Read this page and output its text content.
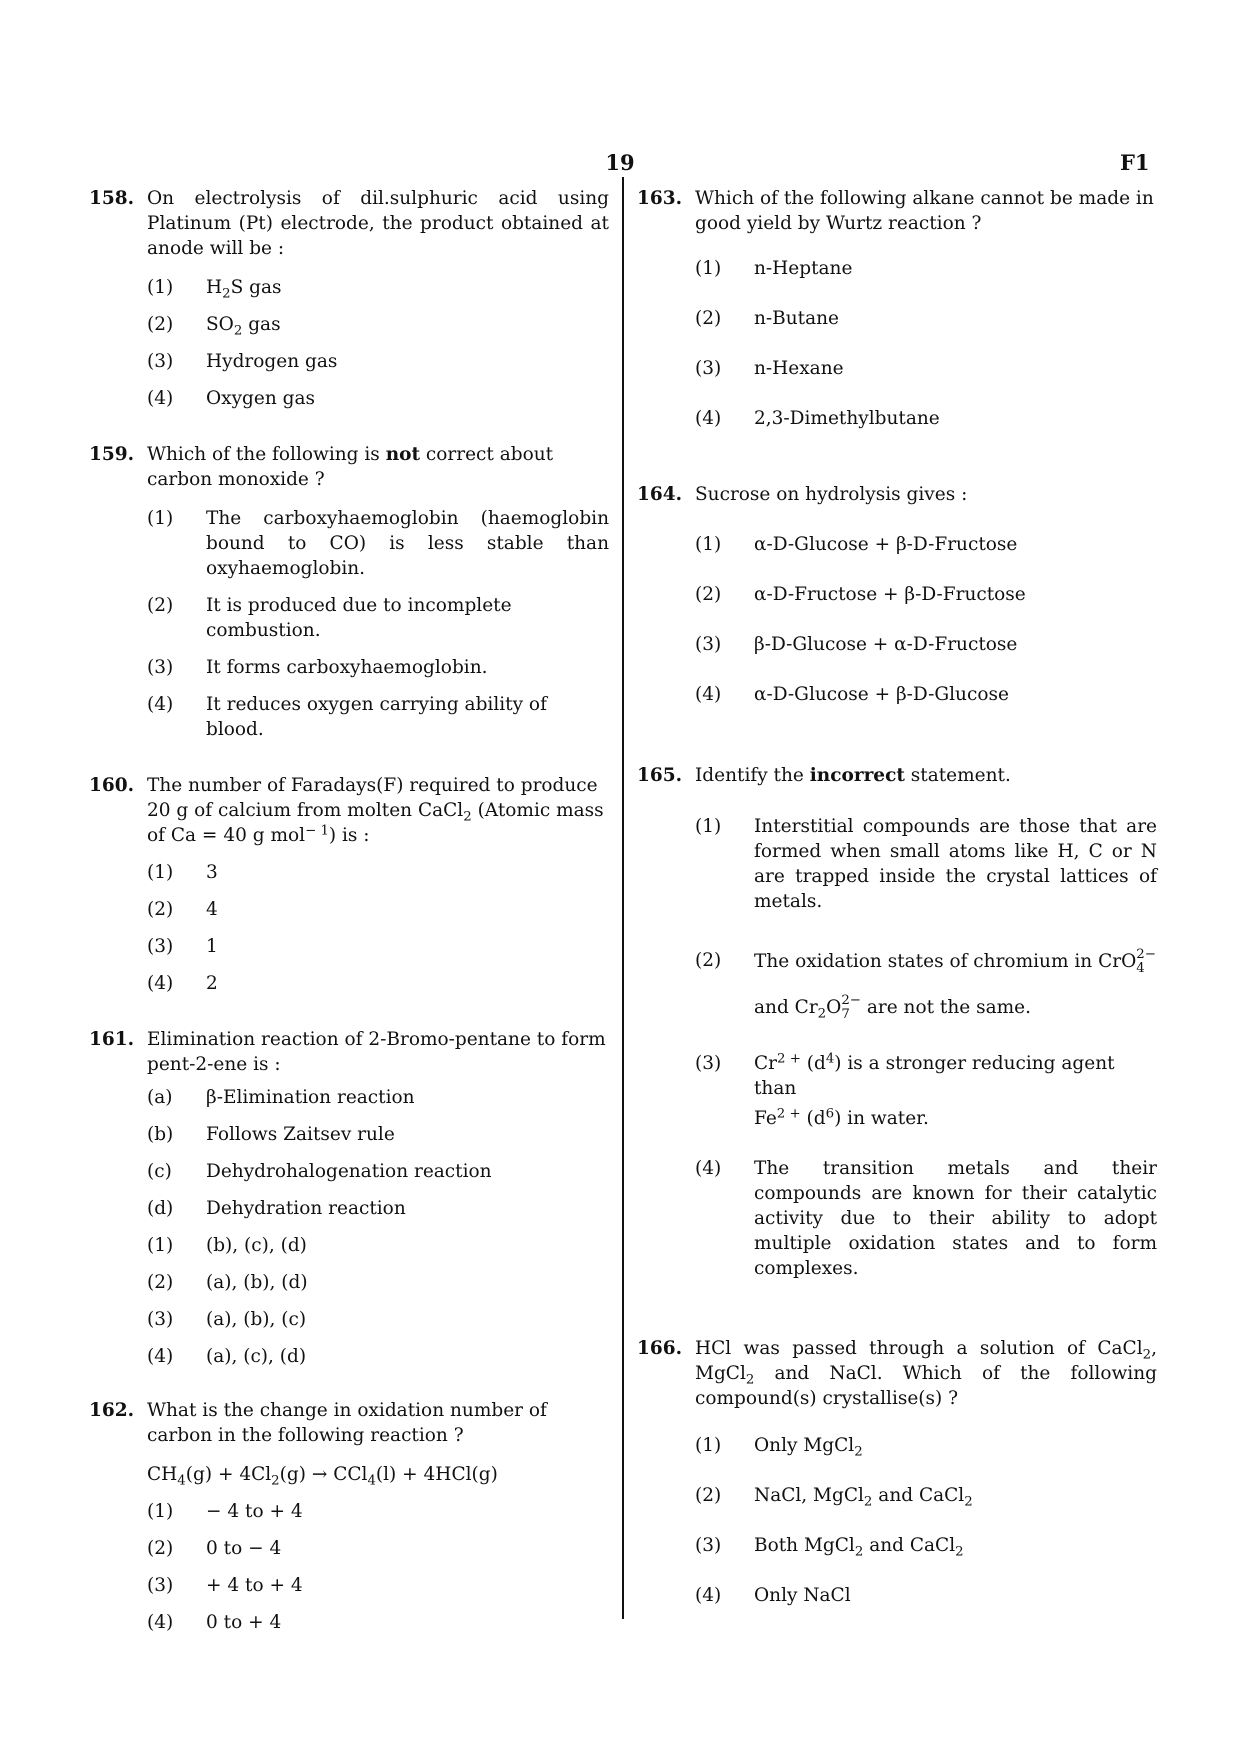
19	F1
158. On electrolysis of dil.sulphuric acid using Platinum (Pt) electrode, the product obtained at anode will be :
(1)	$H_2S$ gas
(2)	$SO_2$ gas
(3)	Hydrogen gas
(4)	Oxygen gas
159. Which of the following is not correct about carbon monoxide ?
(1)	The carboxyhaemoglobin (haemoglobin bound to CO) is less stable than oxyhaemoglobin.
(2)	It is produced due to incomplete combustion.
(3)	It forms carboxyhaemoglobin.
(4)	It reduces oxygen carrying ability of blood.
160. The number of Faradays(F) required to produce 20 g of calcium from molten CaCl$_2$ (Atomic mass of Ca = 40 g mol$^{- 1}$) is :
(1)	3
(2)	4
(3)	1
(4)	2
161. Elimination reaction of 2-Bromo-pentane to form pent-2-ene is :
(a)	β-Elimination reaction
(b)	Follows Zaitsev rule
(c)	Dehydrohalogenation reaction
(d)	Dehydration reaction
(1)	(b), (c), (d)
(2)	(a), (b), (d)
(3)	(a), (b), (c)
(4)	(a), (c), (d)
162. What is the change in oxidation number of carbon in the following reaction ?
$CH_4(g) + 4Cl_2(g) \to CCl_4(l) + 4HCl(g)$
(1)	− 4 to + 4
(2)	0 to − 4
(3)	+ 4 to + 4
(4)	0 to + 4
163. Which of the following alkane cannot be made in good yield by Wurtz reaction ?
(1)	n-Heptane
(2)	n-Butane
(3)	n-Hexane
(4)	2,3-Dimethylbutane
164. Sucrose on hydrolysis gives :
(1)	α-D-Glucose + β-D-Fructose
(2)	α-D-Fructose + β-D-Fructose
(3)	β-D-Glucose + α-D-Fructose
(4)	α-D-Glucose + β-D-Glucose
165. Identify the incorrect statement.
(1)	Interstitial compounds are those that are formed when small atoms like H, C or N are trapped inside the crystal lattices of metals.
(2)	The oxidation states of chromium in CrO 2−
4
and $Cr_2O$ 2−
7 are not the same.
(3)	$Cr^{2 +}$ $(d^4)$ is a stronger reducing agent than
$Fe^{2 +}$ $(d^6)$ in water.
(4)	The transition metals and their compounds are known for their catalytic activity due to their ability to adopt multiple oxidation states and to form complexes.
166. HCl was passed through a solution of CaCl$_2$, MgCl$_2$ and NaCl. Which of the following compound(s) crystallise(s) ?
(1)	Only MgCl$_2$
(2)	NaCl, MgCl$_2$ and CaCl$_2$
(3)	Both MgCl$_2$ and CaCl$_2$
(4)	Only NaCl
